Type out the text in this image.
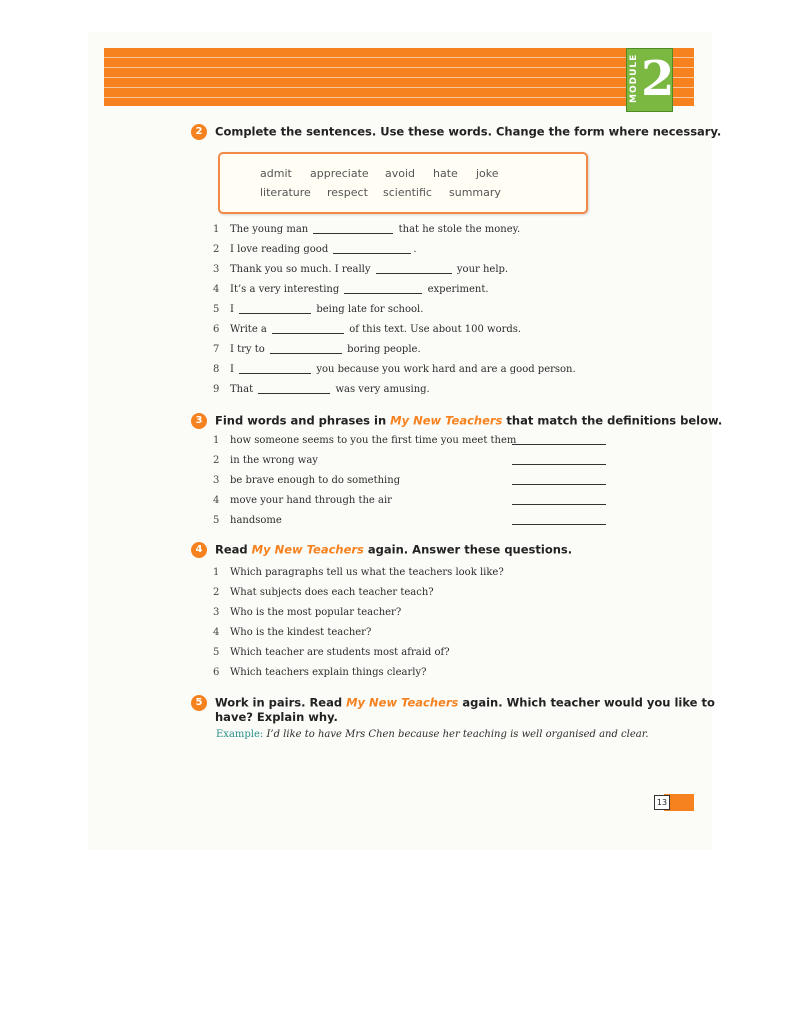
MODULE 2
2 Complete the sentences. Use these words. Change the form where necessary.
admit appreciate avoid hate joke
literature respect scientific summary
1 The young man	that he stole the money.
2 I love reading good	.
3 Thank you so much. I really	your help.
4 It’s a very interesting	experiment.
5 I	being late for school.
6 Write a	of this text. Use about 100 words.
7 I try to	boring people.
8 I	you because you work hard and are a good person.
9 That	was very amusing.
3 Find words and phrases in My New Teachers that match the definitions below.
1 how someone seems to you the first time you meet them
2 in the wrong way
3 be brave enough to do something
4 move your hand through the air
5 handsome
4 Read My New Teachers again. Answer these questions.
1 Which paragraphs tell us what the teachers look like?
2 What subjects does each teacher teach?
3 Who is the most popular teacher?
4 Who is the kindest teacher?
5 Which teacher are students most afraid of?
6 Which teachers explain things clearly?
5 Work in pairs. Read My New Teachers again. Which teacher would you like to
have? Explain why.
Example: I’d like to have Mrs Chen because her teaching is well organised and clear.
13
